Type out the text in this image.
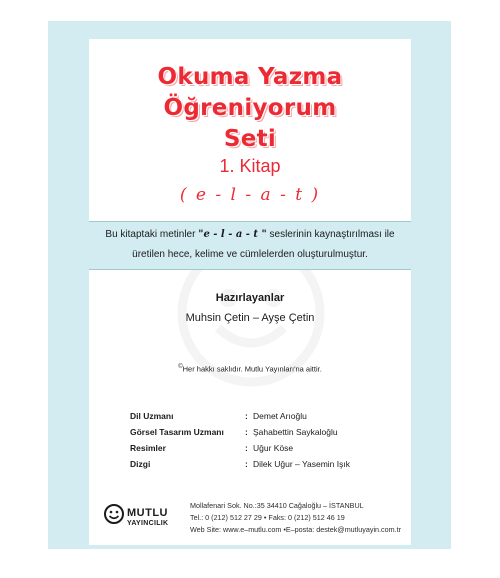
Okuma Yazma
Öğreniyorum
Seti
1. Kitap
( e - l - a - t )
Bu kitaptaki metinler "e - l - a - t " seslerinin kaynaştırılması ile
üretilen hece, kelime ve cümlelerden oluşturulmuştur.
Hazırlayanlar
Muhsin Çetin – Ayşe Çetin
©Her hakkı saklıdır. Mutlu Yayınları'na aittir.
Dil Uzmanı	: Demet Arıoğlu
Görsel Tasarım Uzmanı	: Şahabettin Saykaloğlu
Resimler	: Uğur Köse
Dizgi	: Dilek Uğur – Yasemin Işık
MUTLU
YAYINCILIK
Mollafenari Sok. No.:35 34410 Cağaloğlu – İSTANBUL
Tel.: 0 (212) 512 27 29 • Faks: 0 (212) 512 46 19
Web Site: www.e–mutlu.com •E–posta: destek@mutluyayin.com.tr
